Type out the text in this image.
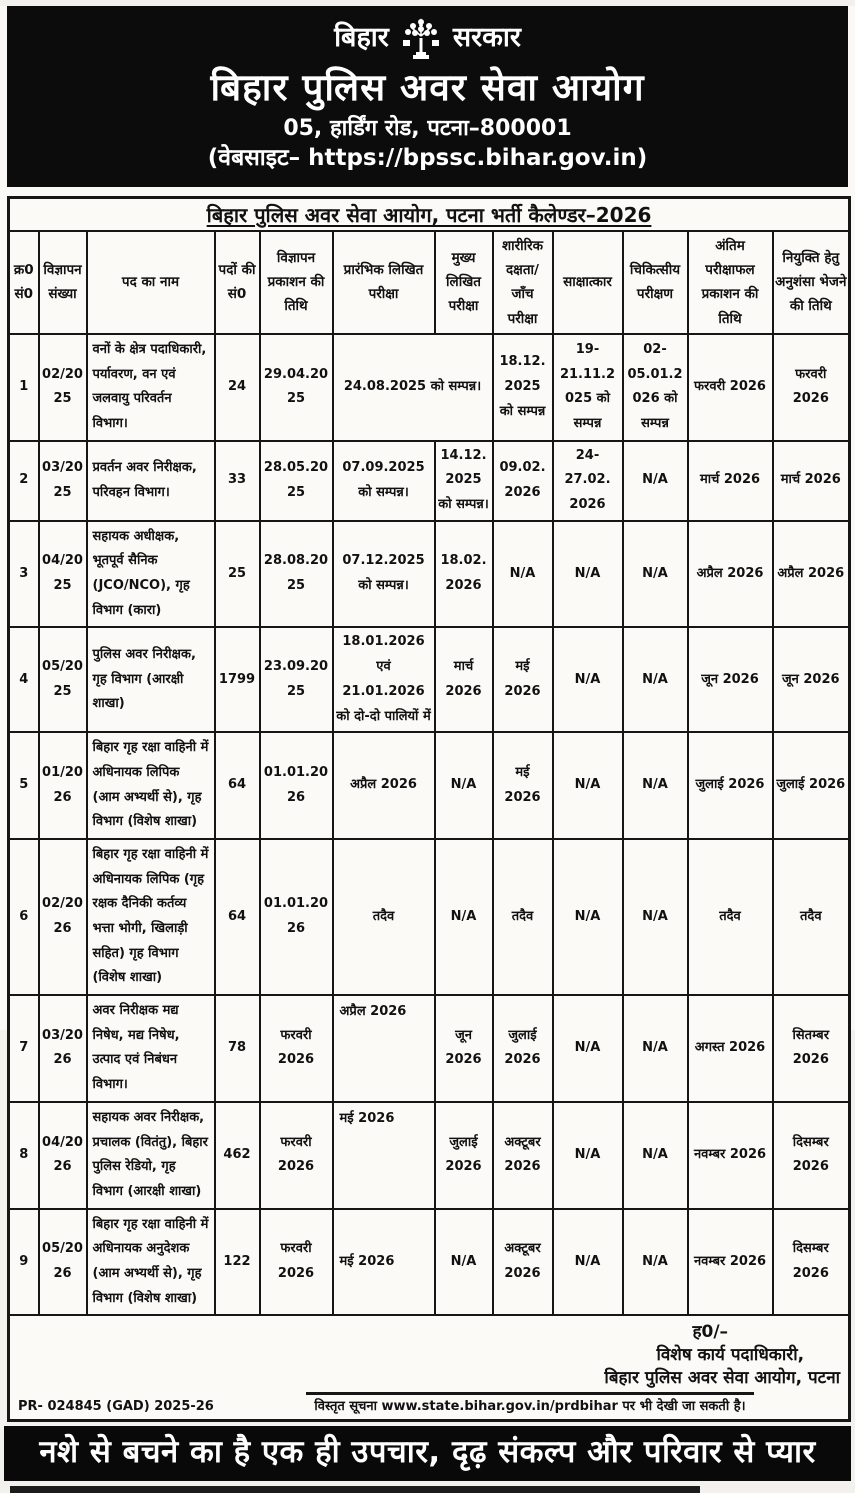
बिहार सरकार
बिहार पुलिस अवर सेवा आयोग
05, हार्डिंग रोड, पटना–800001
(वेबसाइट– https://bpssc.bihar.gov.in)
बिहार पुलिस अवर सेवा आयोग, पटना भर्ती कैलेण्डर–2026											
क्र0 सं0	विज्ञापन संख्या	पद का नाम	पदों की सं0	विज्ञापन प्रकाशन की तिथि	प्रारंभिक लिखित परीक्षा	मुख्य लिखित परीक्षा	शारीरिक दक्षता/ जाँच परीक्षा	साक्षात्कार	चिकित्सीय परीक्षण	अंतिम परीक्षाफल प्रकाशन की तिथि	नियुक्ति हेतु अनुशंसा भेजने की तिथि
1	02/2025	वनों के क्षेत्र पदाधिकारी, पर्यावरण, वन एवं जलवायु परिवर्तन विभाग।	24	29.04.2025	24.08.2025 को सम्पन्न।		18.12.2025 को सम्पन्न	19-21.11.2025 को सम्पन्न	02-05.01.2026 को सम्पन्न	फरवरी 2026	फरवरी 2026
2	03/2025	प्रवर्तन अवर निरीक्षक, परिवहन विभाग।	33	28.05.2025	07.09.2025 को सम्पन्न।	14.12. 2025 को सम्पन्न।	09.02. 2026	24-27.02. 2026	N/A	मार्च 2026	मार्च 2026
3	04/2025	सहायक अधीक्षक, भूतपूर्व सैनिक (JCO/NCO), गृह विभाग (कारा)	25	28.08.2025	07.12.2025 को सम्पन्न।	18.02. 2026	N/A	N/A	N/A	अप्रैल 2026	अप्रैल 2026
4	05/2025	पुलिस अवर निरीक्षक, गृह विभाग (आरक्षी शाखा)	1799	23.09.2025	18.01.2026 एवं 21.01.2026 को दो-दो पालियों में	मार्च 2026	मई 2026	N/A	N/A	जून 2026	जून 2026
5	01/2026	बिहार गृह रक्षा वाहिनी में अधिनायक लिपिक (आम अभ्यर्थी से), गृह विभाग (विशेष शाखा)	64	01.01.2026	अप्रैल 2026	N/A	मई 2026	N/A	N/A	जुलाई 2026	जुलाई 2026
6	02/2026	बिहार गृह रक्षा वाहिनी में अधिनायक लिपिक (गृह रक्षक दैनिकी कर्तव्य भत्ता भोगी, खिलाड़ी सहित) गृह विभाग (विशेष शाखा)	64	01.01.2026	तदैव	N/A	तदैव	N/A	N/A	तदैव	तदैव
7	03/2026	अवर निरीक्षक मद्य निषेध, मद्य निषेध, उत्पाद एवं निबंधन विभाग।	78	फरवरी 2026	अप्रैल 2026	जून 2026	जुलाई 2026	N/A	N/A	अगस्त 2026	सितम्बर 2026
8	04/2026	सहायक अवर निरीक्षक, प्रचालक (वितंतु), बिहार पुलिस रेडियो, गृह विभाग (आरक्षी शाखा)	462	फरवरी 2026	मई 2026	जुलाई 2026	अक्टूबर 2026	N/A	N/A	नवम्बर 2026	दिसम्बर 2026
9	05/2026	बिहार गृह रक्षा वाहिनी में अधिनायक अनुदेशक (आम अभ्यर्थी से), गृह विभाग (विशेष शाखा)	122	फरवरी 2026	मई 2026	N/A	अक्टूबर 2026	N/A	N/A	नवम्बर 2026	दिसम्बर 2026

ह0/–
विशेष कार्य पदाधिकारी,
बिहार पुलिस अवर सेवा आयोग, पटना
PR- 024845 (GAD) 2025-26 विस्तृत सूचना www.state.bihar.gov.in/prdbihar पर भी देखी जा सकती है।											
नशे से बचने का है एक ही उपचार, दृढ़ संकल्प और परिवार से प्यार
